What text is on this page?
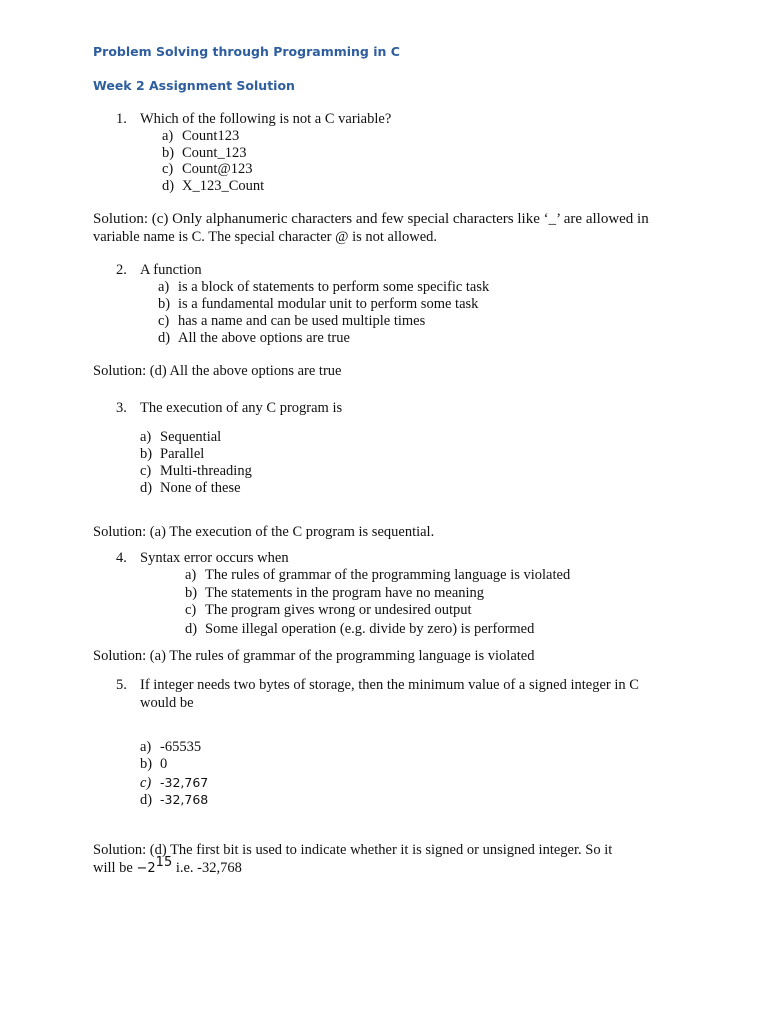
Problem Solving through Programming in C
Week 2 Assignment Solution
1. Which of the following is not a C variable?
a) Count123
b) Count_123
c) Count@123
d) X_123_Count
Solution: (c) Only alphanumeric characters and few special characters like ‘_’ are allowed in
variable name is C. The special character @ is not allowed.
2. A function
a) is a block of statements to perform some specific task
b) is a fundamental modular unit to perform some task
c) has a name and can be used multiple times
d) All the above options are true
Solution: (d) All the above options are true
3. The execution of any C program is
a) Sequential
b) Parallel
c) Multi-threading
d) None of these
Solution: (a) The execution of the C program is sequential.
4. Syntax error occurs when
a) The rules of grammar of the programming language is violated
b) The statements in the program have no meaning
c) The program gives wrong or undesired output
d) Some illegal operation (e.g. divide by zero) is performed
Solution: (a) The rules of grammar of the programming language is violated
5. If integer needs two bytes of storage, then the minimum value of a signed integer in C
would be
a) -65535
b) 0
c) -32,767
d) -32,768
Solution: (d) The first bit is used to indicate whether it is signed or unsigned integer. So it
will be $-2^{15}$ i.e. -32,768
